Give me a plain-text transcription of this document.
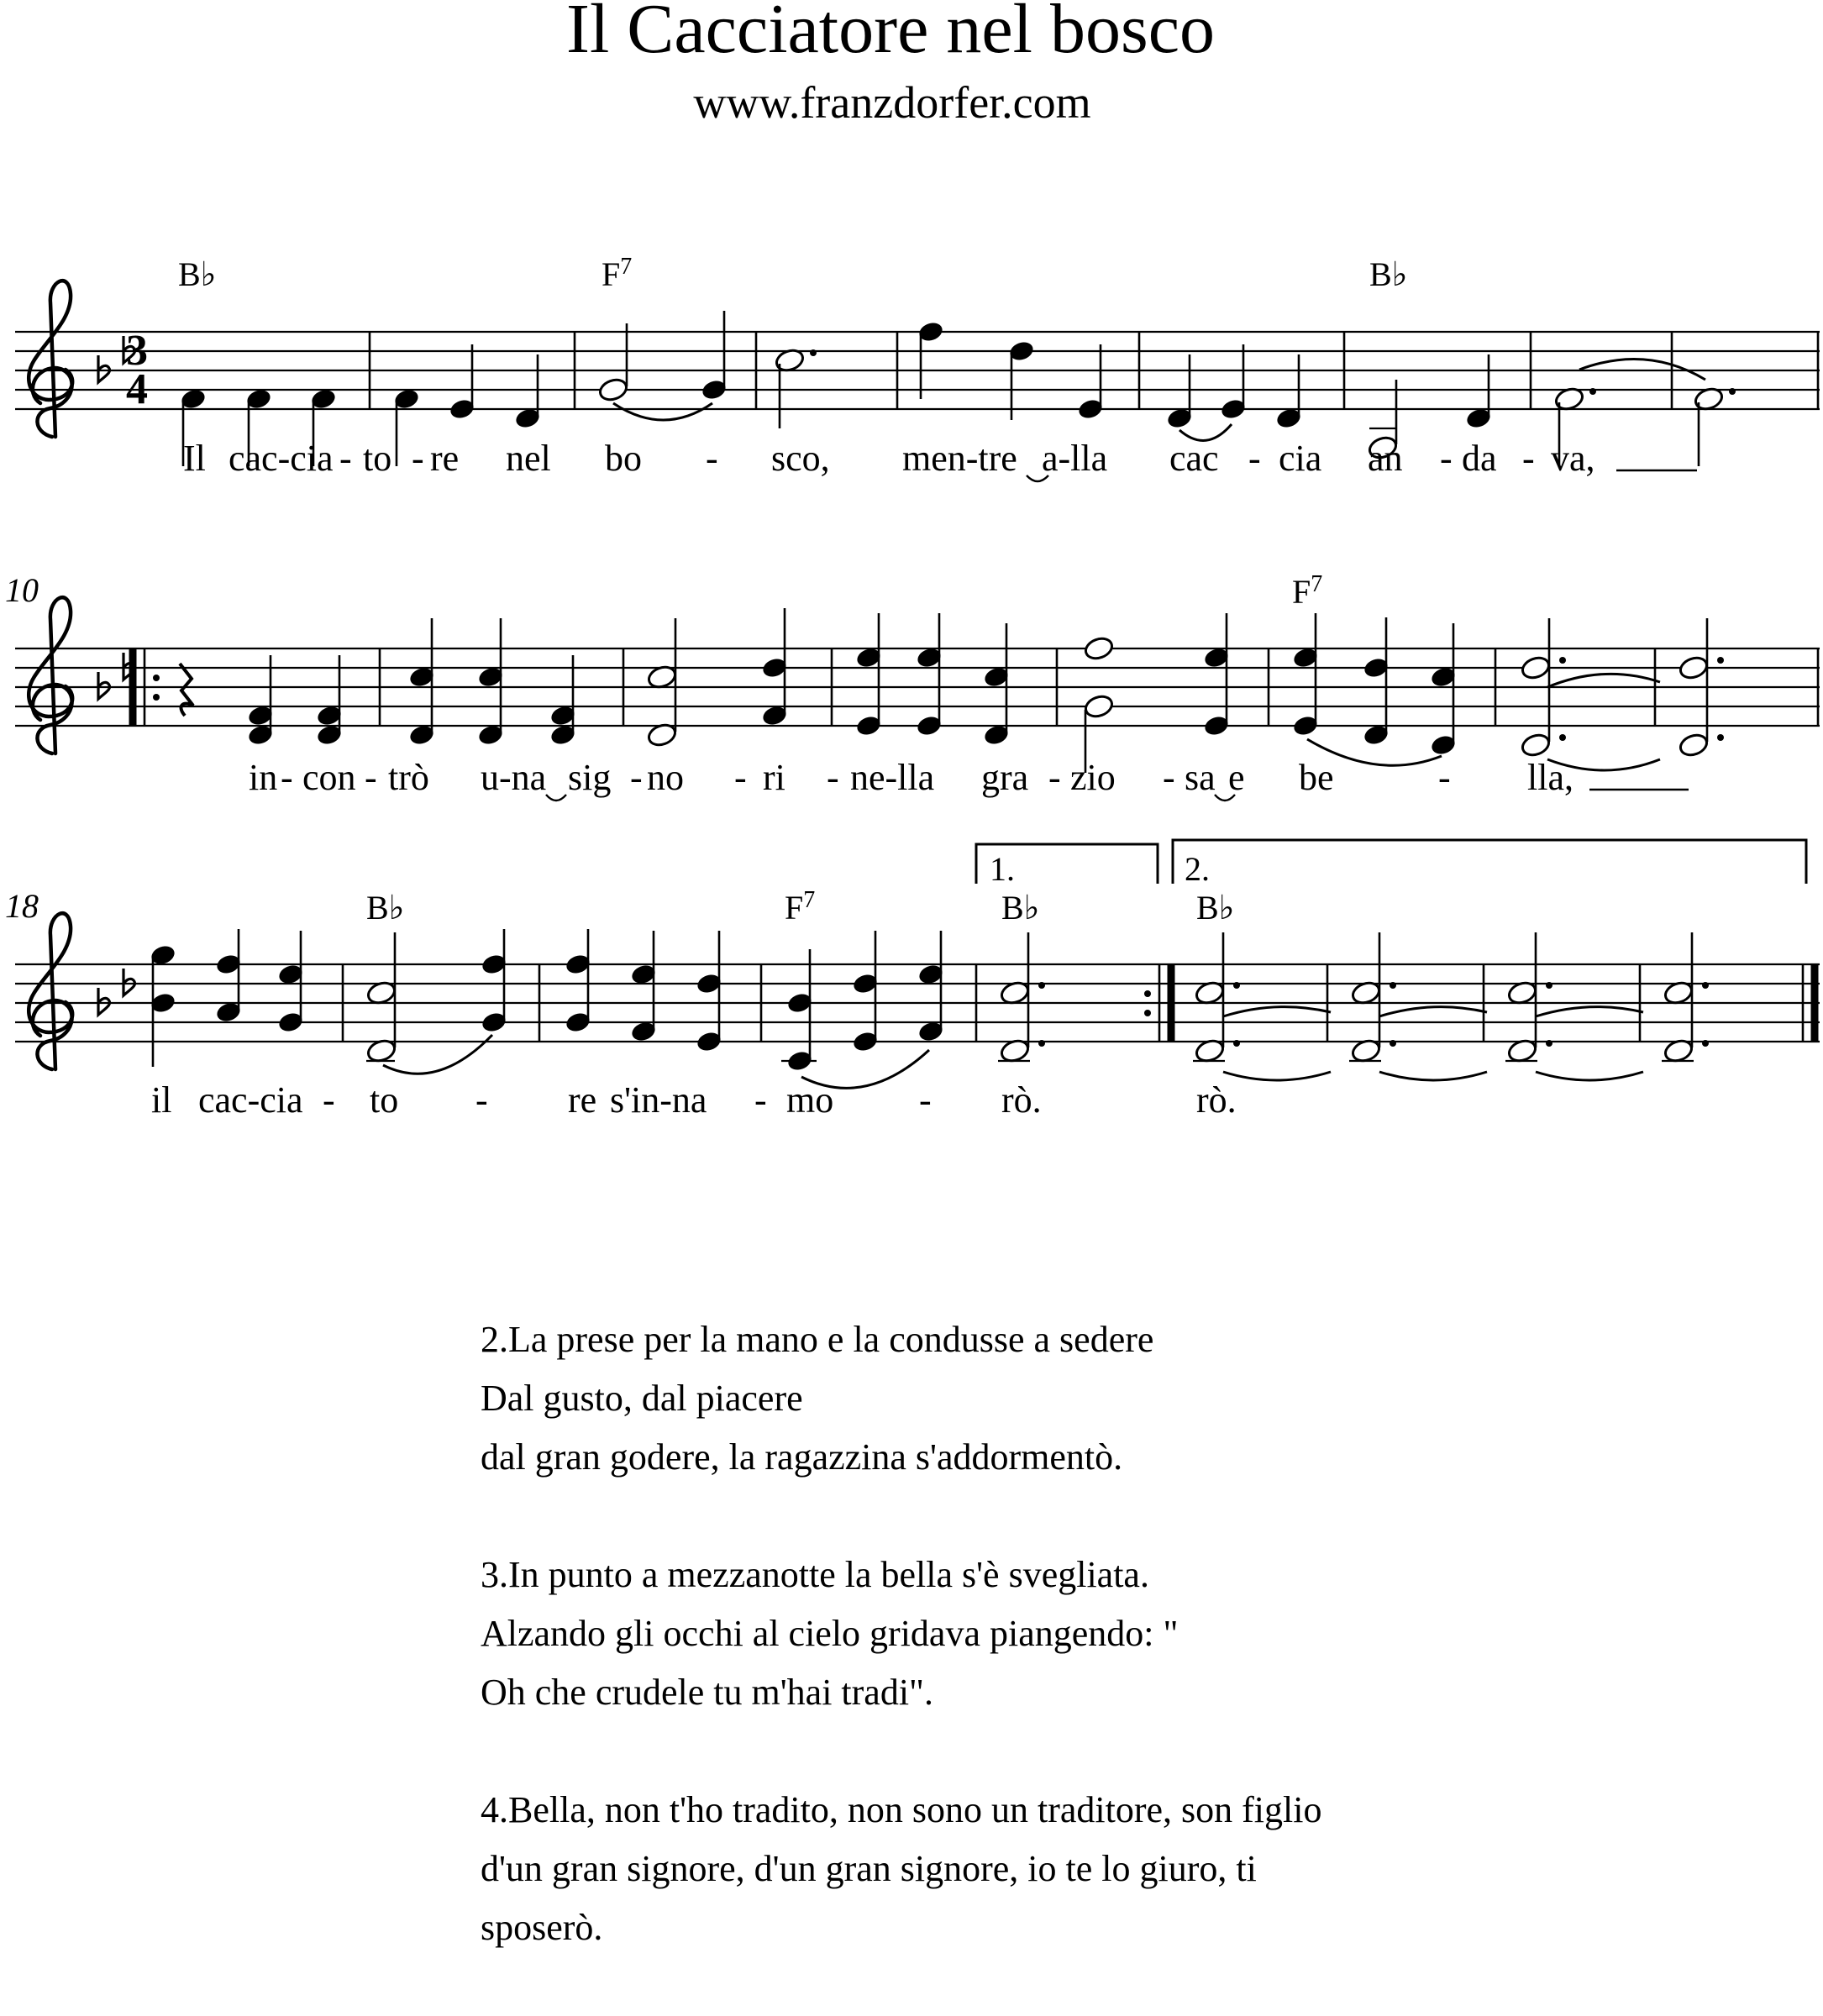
Il Cacciatore nel bosco
www.franzdorfer.com
3
4
B♭	$F^7$	B♭
Il cac-cia - to - re nel bo - sco, men-tre a-lla cac - cia an - da - va,
10	$F^7$
in - con - trò u-na sig - no - ri - ne-lla gra - zio - sa e be	- lla,
18
1.	2.
B♭	$F^7$	B♭	B♭
il cac-cia - to - re s'in-na - mo - rò.	rò.
2.La prese per la mano e la condusse a sedere
Dal gusto, dal piacere
dal gran godere, la ragazzina s'addormentò.
3.In punto a mezzanotte la bella s'è svegliata.
Alzando gli occhi al cielo gridava piangendo: "
Oh che crudele tu m'hai tradi".
4.Bella, non t'ho tradito, non sono un traditore, son figlio
d'un gran signore, d'un gran signore, io te lo giuro, ti
sposerò.
